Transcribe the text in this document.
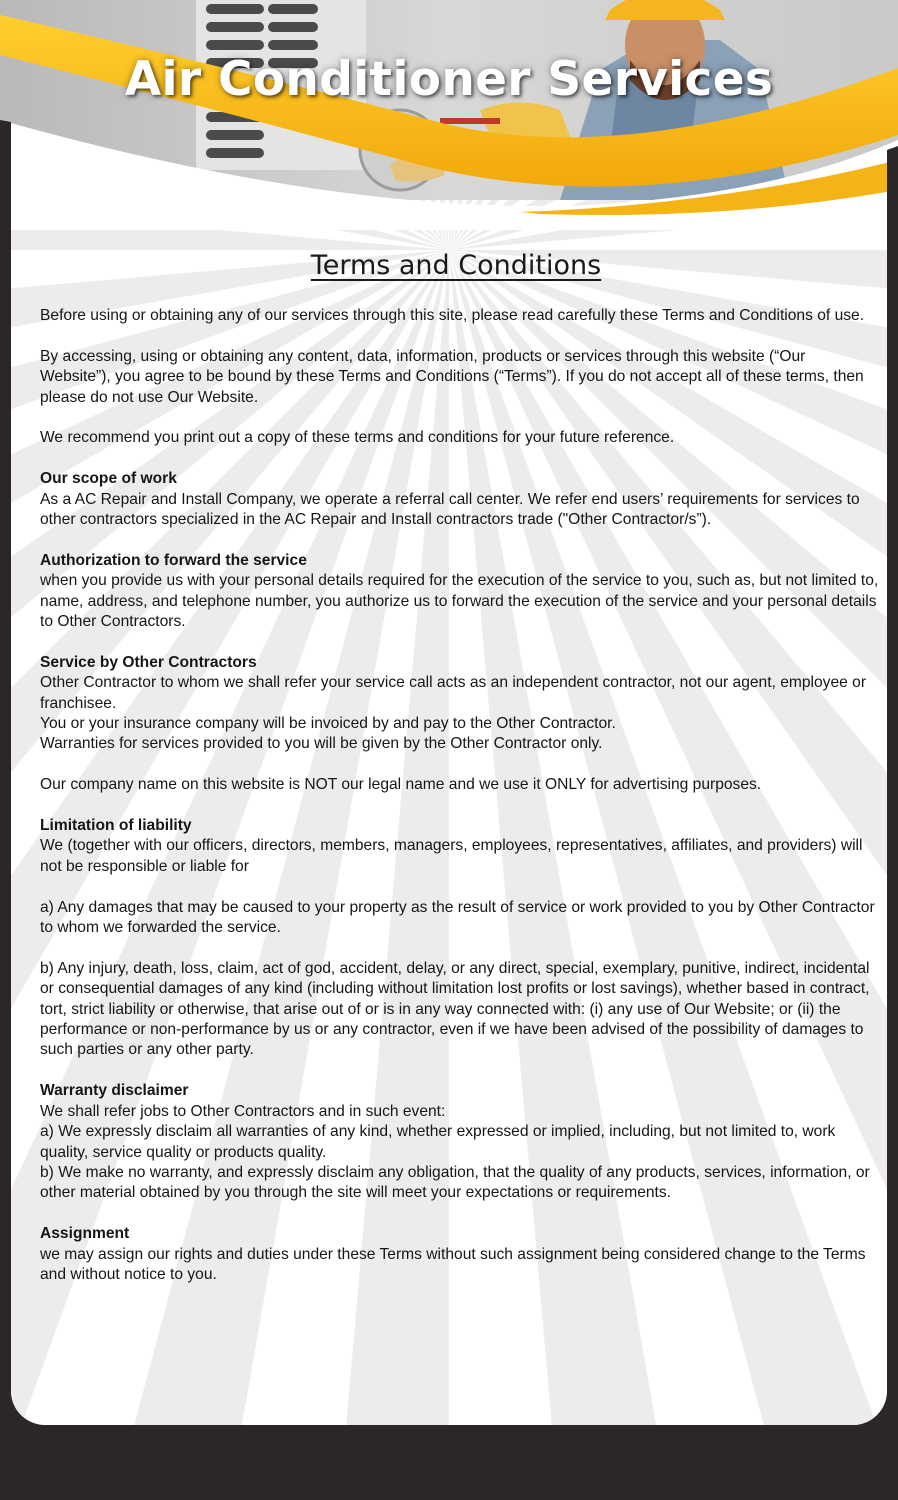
Air Conditioner Services
Terms and Conditions

Before using or obtaining any of our services through this site, please read carefully these Terms and Conditions of use.

By accessing, using or obtaining any content, data, information, products or services through this website (“Our Website”), you agree to be bound by these Terms and Conditions (“Terms”). If you do not accept all of these terms, then please do not use Our Website.

We recommend you print out a copy of these terms and conditions for your future reference.

Our scope of work

As a AC Repair and Install Company, we operate a referral call center. We refer end users’ requirements for services to other contractors specialized in the AC Repair and Install contractors trade ("Other Contractor/s”).

Authorization to forward the service

when you provide us with your personal details required for the execution of the service to you, such as, but not limited to, name, address, and telephone number, you authorize us to forward the execution of the service and your personal details to Other Contractors.

Service by Other Contractors

Other Contractor to whom we shall refer your service call acts as an independent contractor, not our agent, employee or franchisee.

You or your insurance company will be invoiced by and pay to the Other Contractor.

Warranties for services provided to you will be given by the Other Contractor only.

Our company name on this website is NOT our legal name and we use it ONLY for advertising purposes.

Limitation of liability

We (together with our officers, directors, members, managers, employees, representatives, affiliates, and providers) will not be responsible or liable for

a) Any damages that may be caused to your property as the result of service or work provided to you by Other Contractor to whom we forwarded the service.

b) Any injury, death, loss, claim, act of god, accident, delay, or any direct, special, exemplary, punitive, indirect, incidental or consequential damages of any kind (including without limitation lost profits or lost savings), whether based in contract, tort, strict liability or otherwise, that arise out of or is in any way connected with: (i) any use of Our Website; or (ii) the performance or non-performance by us or any contractor, even if we have been advised of the possibility of damages to such parties or any other party.

Warranty disclaimer

We shall refer jobs to Other Contractors and in such event:

a) We expressly disclaim all warranties of any kind, whether expressed or implied, including, but not limited to, work quality, service quality or products quality.

b) We make no warranty, and expressly disclaim any obligation, that the quality of any products, services, information, or other material obtained by you through the site will meet your expectations or requirements.

Assignment

we may assign our rights and duties under these Terms without such assignment being considered change to the Terms and without notice to you.
